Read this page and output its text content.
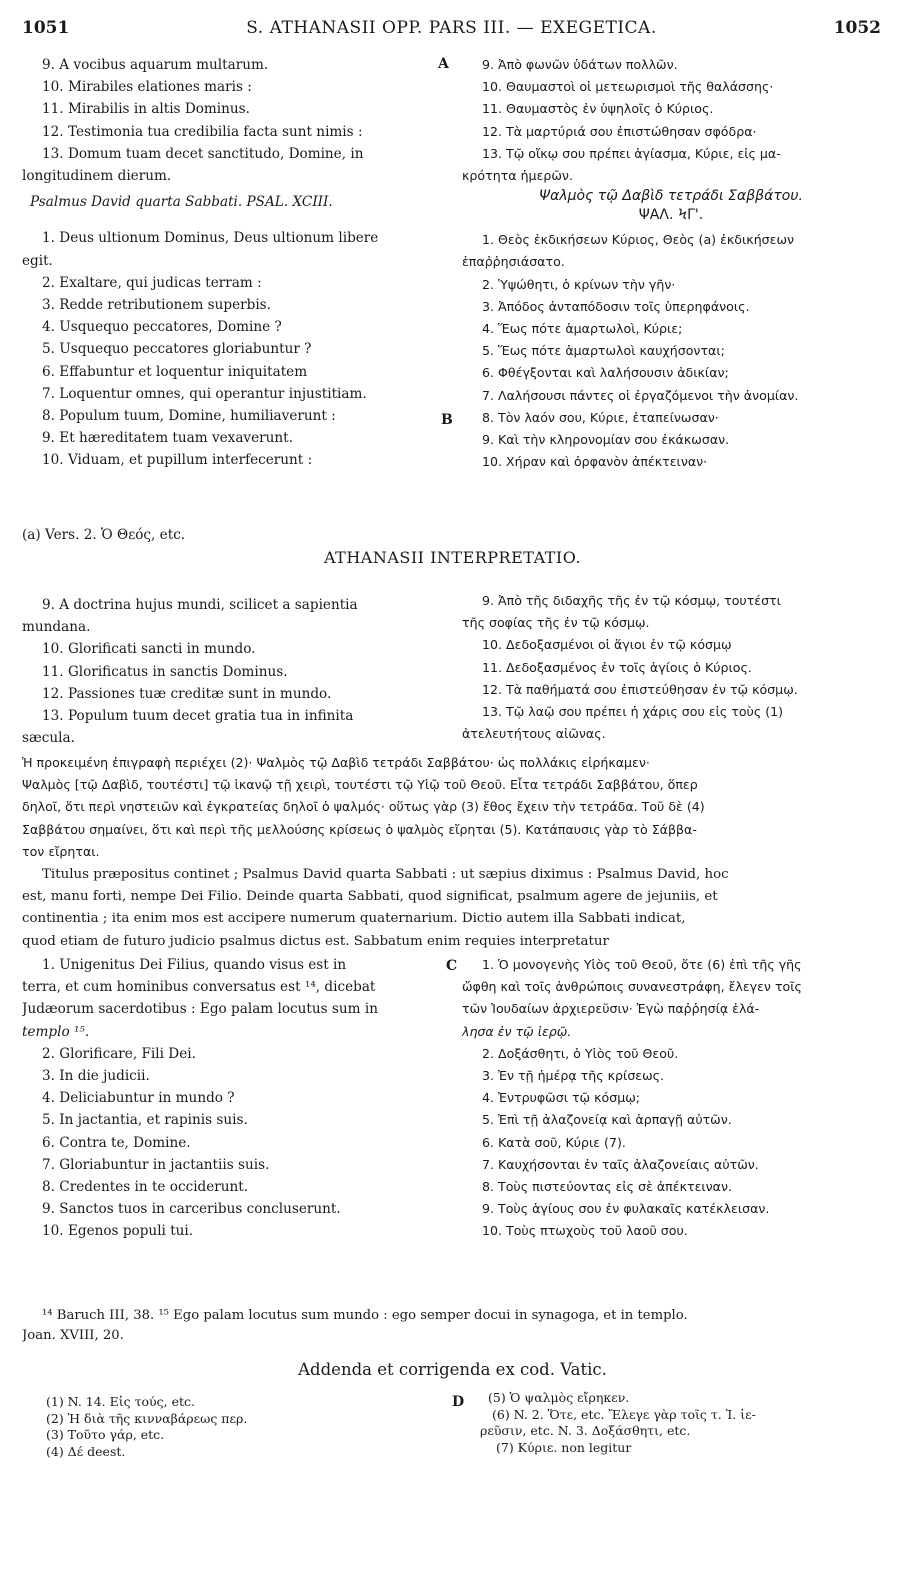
1051	S. ATHANASII OPP. PARS III. — EXEGETICA.	1052
9. A vocibus aquarum multarum.
10. Mirabiles elationes maris :
11. Mirabilis in altis Dominus.
12. Testimonia tua credibilia facta sunt nimis :
13. Domum tuam decet sanctitudo, Domine, in
longitudinem dierum.
Psalmus David quarta Sabbati. PSAL. XCIII.
1. Deus ultionum Dominus, Deus ultionum libere
egit.
2. Exaltare, qui judicas terram :
3. Redde retributionem superbis.
4. Usquequo peccatores, Domine ?
5. Usquequo peccatores gloriabuntur ?
6. Effabuntur et loquentur iniquitatem
7. Loquentur omnes, qui operantur injustitiam.
8. Populum tuum, Domine, humiliaverunt :
9. Et hæreditatem tuam vexaverunt.
10. Viduam, et pupillum interfecerunt :
A
B
9. Ἀπὸ φωνῶν ὑδάτων πολλῶν.
10. Θαυμαστοὶ οἱ μετεωρισμοὶ τῆς θαλάσσης·
11. Θαυμαστὸς ἐν ὑψηλοῖς ὁ Κύριος.
12. Τὰ μαρτύριά σου ἐπιστώθησαν σφόδρα·
13. Τῷ οἴκῳ σου πρέπει ἁγίασμα, Κύριε, εἰς μα-
κρότητα ἡμερῶν.
Ψαλμὸς τῷ Δαβὶδ τετράδι Σαββάτου.
ΨΑΛ. ϞΓ'.
1. Θεὸς ἐκδικήσεων Κύριος, Θεὸς (a) ἐκδικήσεων
ἐπαῤῥησιάσατο.
2. Ὑψώθητι, ὁ κρίνων τὴν γῆν·
3. Ἀπόδος ἀνταπόδοσιν τοῖς ὑπερηφάνοις.
4. Ἕως πότε ἁμαρτωλοὶ, Κύριε;
5. Ἕως πότε ἁμαρτωλοὶ καυχήσονται;
6. Φθέγξονται καὶ λαλήσουσιν ἀδικίαν;
7. Λαλήσουσι πάντες οἱ ἐργαζόμενοι τὴν ἀνομίαν.
8. Τὸν λαόν σου, Κύριε, ἐταπείνωσαν·
9. Καὶ τὴν κληρονομίαν σου ἐκάκωσαν.
10. Χήραν καὶ ὀρφανὸν ἀπέκτειναν·
(a) Vers. 2. Ὁ Θεός, etc.
ATHANASII INTERPRETATIO.
9. A doctrina hujus mundi, scilicet a sapientia
mundana.
10. Glorificati sancti in mundo.
11. Glorificatus in sanctis Dominus.
12. Passiones tuæ creditæ sunt in mundo.
13. Populum tuum decet gratia tua in infinita
sæcula.
9. Ἀπὸ τῆς διδαχῆς τῆς ἐν τῷ κόσμῳ, τουτέστι
τῆς σοφίας τῆς ἐν τῷ κόσμῳ.
10. Δεδοξασμένοι οἱ ἅγιοι ἐν τῷ κόσμῳ
11. Δεδοξασμένος ἐν τοῖς ἁγίοις ὁ Κύριος.
12. Τὰ παθήματά σου ἐπιστεύθησαν ἐν τῷ κόσμῳ.
13. Τῷ λαῷ σου πρέπει ἡ χάρις σου εἰς τοὺς (1)
ἀτελευτήτους αἰῶνας.
Ἡ προκειμένη ἐπιγραφὴ περιέχει (2)· Ψαλμὸς τῷ Δαβὶδ τετράδι Σαββάτου· ὡς πολλάκις εἰρήκαμεν·
Ψαλμὸς [τῷ Δαβὶδ, τουτέστι] τῷ ἱκανῷ τῇ χειρὶ, τουτέστι τῷ Υἱῷ τοῦ Θεοῦ. Εἶτα τετράδι Σαββάτου, ὅπερ
δηλοῖ, ὅτι περὶ νηστειῶν καὶ ἐγκρατείας δηλοῖ ὁ ψαλμός· οὕτως γὰρ (3) ἔθος ἔχειν τὴν τετράδα. Τοῦ δὲ (4)
Σαββάτου σημαίνει, ὅτι καὶ περὶ τῆς μελλούσης κρίσεως ὁ ψαλμὸς εἴρηται (5). Κατάπαυσις γὰρ τὸ Σάββα-
τον εἴρηται.
Titulus præpositus continet ; Psalmus David quarta Sabbati : ut sæpius diximus : Psalmus David, hoc
est, manu forti, nempe Dei Filio. Deinde quarta Sabbati, quod significat, psalmum agere de jejuniis, et
continentia ; ita enim mos est accipere numerum quaternarium. Dictio autem illa Sabbati indicat,
quod etiam de futuro judicio psalmus dictus est. Sabbatum enim requies interpretatur
1. Unigenitus Dei Filius, quando visus est in
terra, et cum hominibus conversatus est ¹⁴, dicebat
Judæorum sacerdotibus : Ego palam locutus sum in
templo ¹⁵.
2. Glorificare, Fili Dei.
3. In die judicii.
4. Deliciabuntur in mundo ?
5. In jactantia, et rapinis suis.
6. Contra te, Domine.
7. Gloriabuntur in jactantiis suis.
8. Credentes in te occiderunt.
9. Sanctos tuos in carceribus concluserunt.
10. Egenos populi tui.
C	1. Ὁ μονογενὴς Υἱὸς τοῦ Θεοῦ, ὅτε (6) ἐπὶ τῆς γῆς
ὤφθη καὶ τοῖς ἀνθρώποις συνανεστράφη, ἔλεγεν τοῖς
τῶν Ἰουδαίων ἀρχιερεῦσιν· Ἐγὼ παῤῥησίᾳ ἐλά-
λησα ἐν τῷ ἱερῷ.
2. Δοξάσθητι, ὁ Υἱὸς τοῦ Θεοῦ.
3. Ἐν τῇ ἡμέρᾳ τῆς κρίσεως.
4. Ἐντρυφῶσι τῷ κόσμῳ;
5. Ἐπὶ τῇ ἀλαζονείᾳ καὶ ἁρπαγῇ αὐτῶν.
6. Κατὰ σοῦ, Κύριε (7).
7. Καυχήσονται ἐν ταῖς ἀλαζονείαις αὐτῶν.
8. Τοὺς πιστεύοντας εἰς σὲ ἀπέκτειναν.
9. Τοὺς ἁγίους σου ἐν φυλακαῖς κατέκλεισαν.
10. Τοὺς πτωχοὺς τοῦ λαοῦ σου.
¹⁴ Baruch III, 38. ¹⁵ Ego palam locutus sum mundo : ego semper docui in synagoga, et in templo.
Joan. XVIII, 20.
Addenda et corrigenda ex cod. Vatic.
(1) N. 14. Εἰς τούς, etc.
(2) Ἡ διὰ τῆς κινναβάρεως περ.
(3) Τοῦτο γάρ, etc.
(4) Δέ deest.
D	(5) Ὁ ψαλμὸς εἴρηκεν.
(6) N. 2. Ὅτε, etc. Ἔλεγε γὰρ τοῖς τ. Ἰ. ἱε-
ρεῦσιν, etc. N. 3. Δοξάσθητι, etc.
(7) Κύριε. non legitur
